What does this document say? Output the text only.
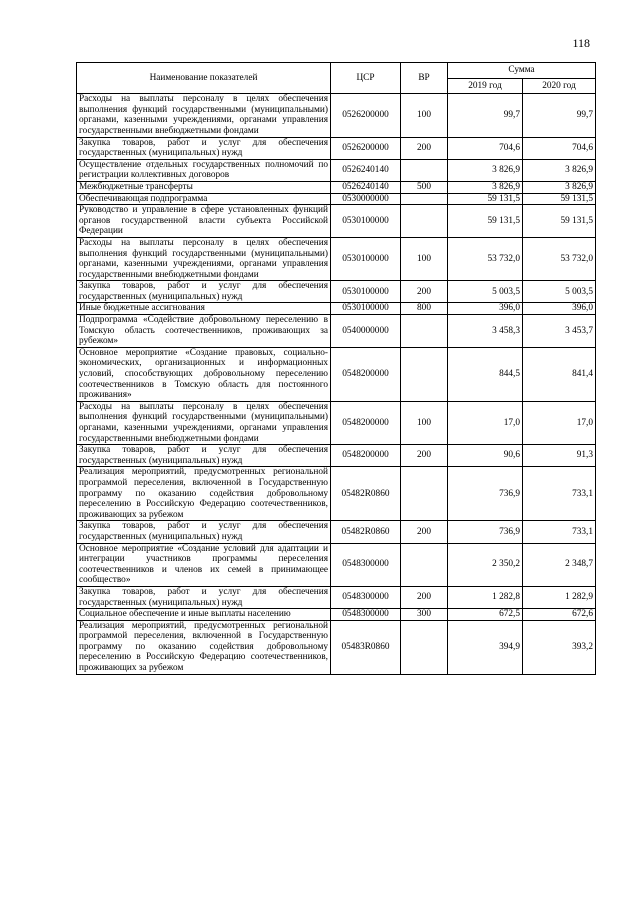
118
Наименование показателей	ЦСР	ВР	Сумма	
			2019 год	2020 год
Расходы на выплаты персоналу в целях обеспечения выполнения функций государственными (муниципальными) органами, казенными учреждениями, органами управления государственными внебюджетными фондами	0526200000	100	99,7	99,7
Закупка товаров, работ и услуг для обеспечения государственных (муниципальных) нужд	0526200000	200	704,6	704,6
Осуществление отдельных государственных полномочий по регистрации коллективных договоров	0526240140		3 826,9	3 826,9
Межбюджетные трансферты	0526240140	500	3 826,9	3 826,9
Обеспечивающая подпрограмма	0530000000		59 131,5	59 131,5
Руководство и управление в сфере установленных функций органов государственной власти субъекта Российской Федерации	0530100000		59 131,5	59 131,5
Расходы на выплаты персоналу в целях обеспечения выполнения функций государственными (муниципальными) органами, казенными учреждениями, органами управления государственными внебюджетными фондами	0530100000	100	53 732,0	53 732,0
Закупка товаров, работ и услуг для обеспечения государственных (муниципальных) нужд	0530100000	200	5 003,5	5 003,5
Иные бюджетные ассигнования	0530100000	800	396,0	396,0
Подпрограмма «Содействие добровольному переселению в Томскую область соотечественников, проживающих за рубежом»	0540000000		3 458,3	3 453,7
Основное мероприятие «Создание правовых, социально-экономических, организационных и информационных условий, способствующих добровольному переселению соотечественников в Томскую область для постоянного проживания»	0548200000		844,5	841,4
Расходы на выплаты персоналу в целях обеспечения выполнения функций государственными (муниципальными) органами, казенными учреждениями, органами управления государственными внебюджетными фондами	0548200000	100	17,0	17,0
Закупка товаров, работ и услуг для обеспечения государственных (муниципальных) нужд	0548200000	200	90,6	91,3
Реализация мероприятий, предусмотренных региональной программой переселения, включенной в Государственную программу по оказанию содействия добровольному переселению в Российскую Федерацию соотечественников, проживающих за рубежом	05482R0860		736,9	733,1
Закупка товаров, работ и услуг для обеспечения государственных (муниципальных) нужд	05482R0860	200	736,9	733,1
Основное мероприятие «Создание условий для адаптации и интеграции участников программы переселения соотечественников и членов их семей в принимающее сообщество»	0548300000		2 350,2	2 348,7
Закупка товаров, работ и услуг для обеспечения государственных (муниципальных) нужд	0548300000	200	1 282,8	1 282,9
Социальное обеспечение и иные выплаты населению	0548300000	300	672,5	672,6
Реализация мероприятий, предусмотренных региональной программой переселения, включенной в Государственную программу по оказанию содействия добровольному переселению в Российскую Федерацию соотечественников, проживающих за рубежом	05483R0860		394,9	393,2
